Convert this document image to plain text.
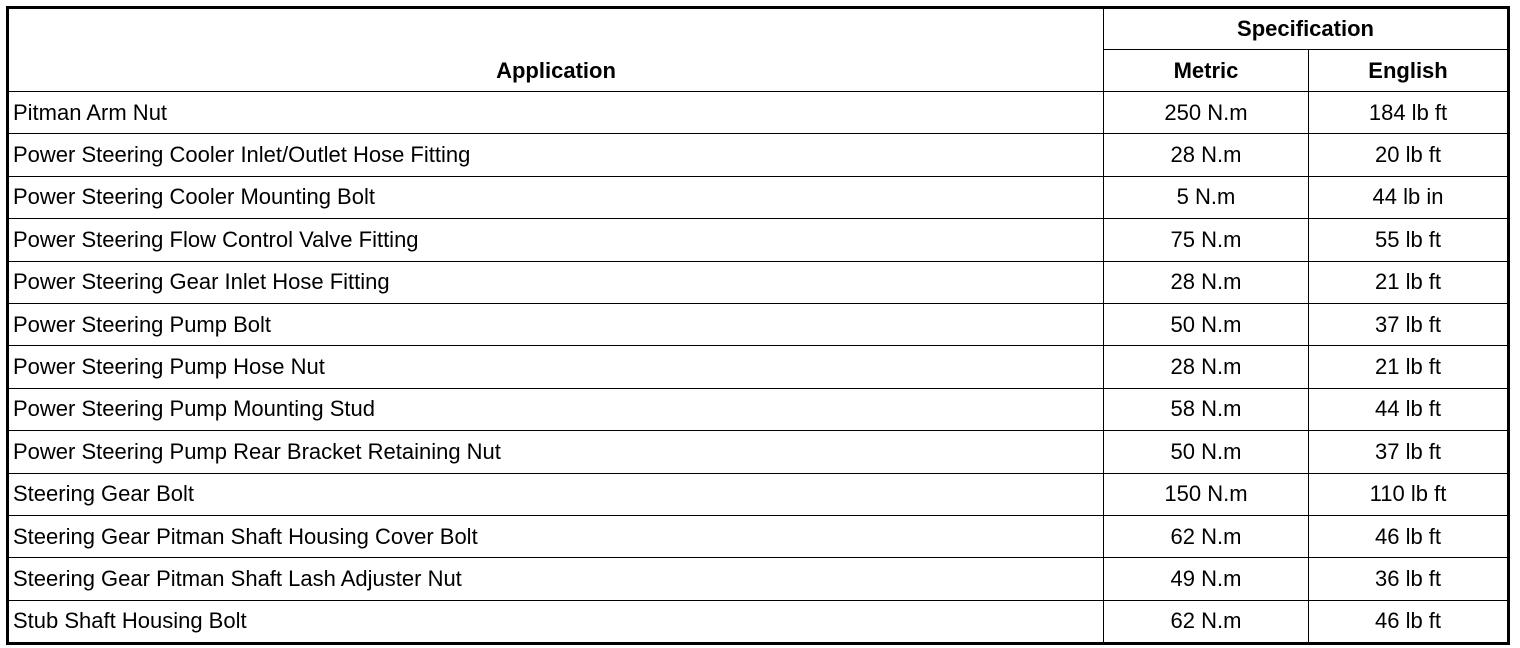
Application	Specification	
	Metric	English
Pitman Arm Nut	250 N.m	184 lb ft
Power Steering Cooler Inlet/Outlet Hose Fitting	28 N.m	20 lb ft
Power Steering Cooler Mounting Bolt	5 N.m	44 lb in
Power Steering Flow Control Valve Fitting	75 N.m	55 lb ft
Power Steering Gear Inlet Hose Fitting	28 N.m	21 lb ft
Power Steering Pump Bolt	50 N.m	37 lb ft
Power Steering Pump Hose Nut	28 N.m	21 lb ft
Power Steering Pump Mounting Stud	58 N.m	44 lb ft
Power Steering Pump Rear Bracket Retaining Nut	50 N.m	37 lb ft
Steering Gear Bolt	150 N.m	110 lb ft
Steering Gear Pitman Shaft Housing Cover Bolt	62 N.m	46 lb ft
Steering Gear Pitman Shaft Lash Adjuster Nut	49 N.m	36 lb ft
Stub Shaft Housing Bolt	62 N.m	46 lb ft
